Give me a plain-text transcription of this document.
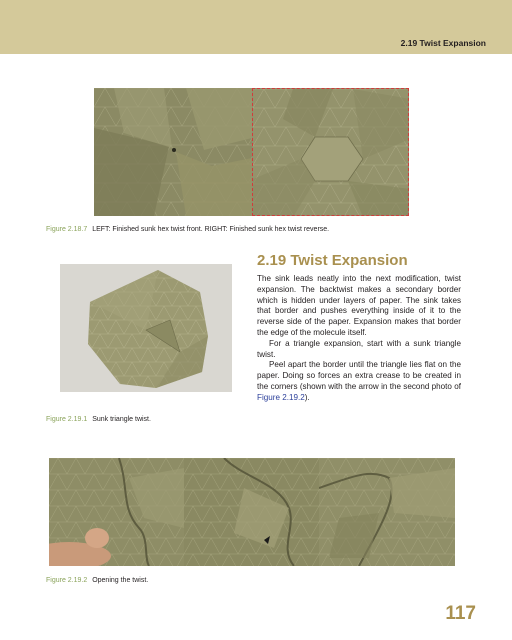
2.19 Twist Expansion
Figure 2.18.7 LEFT: Finished sunk hex twist front. RIGHT: Finished sunk hex twist reverse.
Figure 2.19.1 Sunk triangle twist.
2.19 Twist Expansion

The sink leads neatly into the next modification, twist expansion. The backtwist makes a secondary border which is hidden under layers of paper. The sink takes that border and pushes everything inside of it to the reverse side of the paper. Expansion makes that border the edge of the molecule itself.

For a triangle expansion, start with a sunk triangle twist.

Peel apart the border until the triangle lies flat on the paper. Doing so forces an extra crease to be created in the corners (shown with the arrow in the second photo of Figure 2.19.2).

Figure 2.19.2 Opening the twist.
117
